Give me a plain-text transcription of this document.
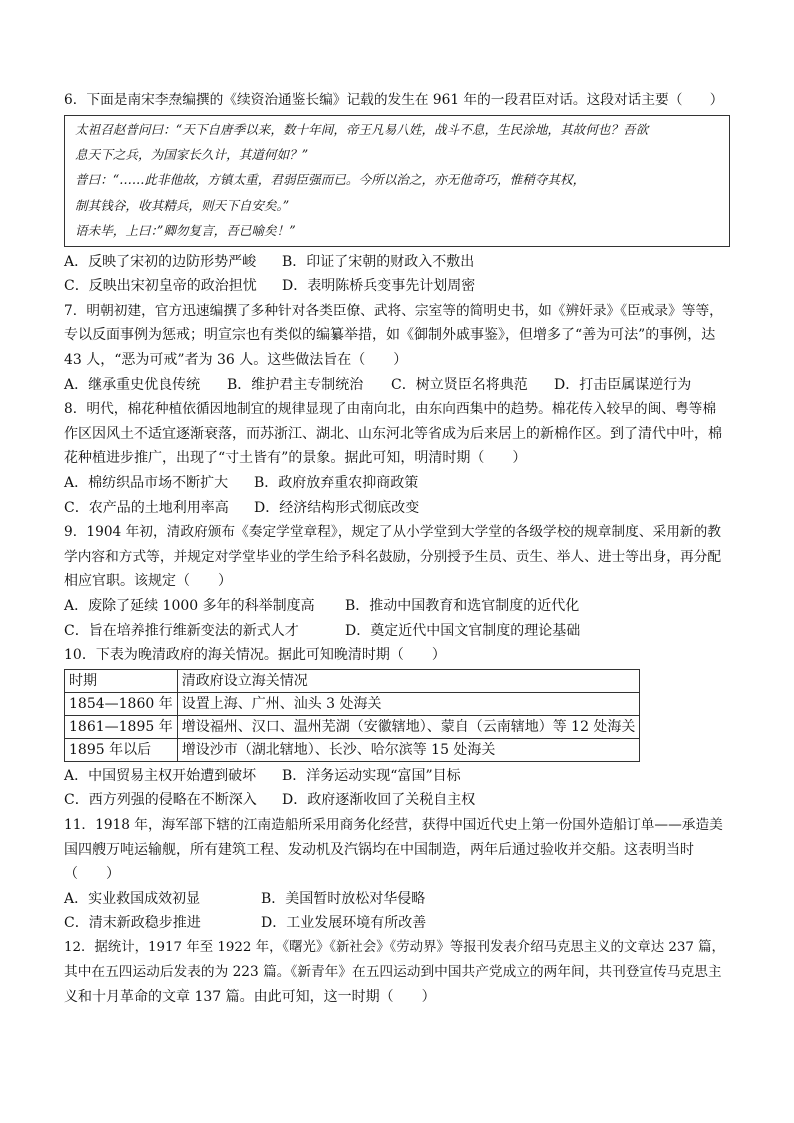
6．下面是南宋李焘编撰的《续资治通鉴长编》记载的发生在 961 年的一段君臣对话。这段对话主要（　　）
太祖召赵普问曰：“天下自唐季以来，数十年间，帝王凡易八姓，战斗不息，生民涂地，其故何也？吾欲
息天下之兵，为国家长久计，其道何如？”
普曰：“……此非他故，方镇太重，君弱臣强而已。今所以治之，亦无他奇巧，惟稍夺其权，
制其钱谷，收其精兵，则天下自安矣。”
语未毕，上曰：”卿勿复言，吾已喻矣！”
A．反映了宋初的边防形势严峻	B．印证了宋朝的财政入不敷出
C．反映出宋初皇帝的政治担忧	D．表明陈桥兵变事先计划周密
7．明朝初建，官方迅速编撰了多种针对各类臣僚、武将、宗室等的简明史书，如《辨奸录》《臣戒录》等等，
专以反面事例为惩戒；明宣宗也有类似的编纂举措，如《御制外戚事鉴》，但增多了“善为可法”的事例，达
43 人，“恶为可戒”者为 36 人。这些做法旨在（　　）
A．继承重史优良传统	B．维护君主专制统治	C．树立贤臣名将典范	D．打击臣属谋逆行为
8．明代，棉花种植依循因地制宜的规律显现了由南向北，由东向西集中的趋势。棉花传入较早的闽、粤等棉
作区因风土不适宜逐渐衰落，而苏浙江、湖北、山东河北等省成为后来居上的新棉作区。到了清代中叶，棉
花种植进步推广，出现了“寸土皆有”的景象。据此可知，明清时期（　　）
A．棉纺织品市场不断扩大	B．政府放弃重农抑商政策
C．农产品的土地利用率高	D．经济结构形式彻底改变
9．1904 年初，清政府颁布《奏定学堂章程》，规定了从小学堂到大学堂的各级学校的规章制度、采用新的教
学内容和方式等，并规定对学堂毕业的学生给予科名鼓励，分别授予生员、贡生、举人、进士等出身，再分配
相应官职。该规定（　　）
A．废除了延续 1000 多年的科举制度高	B．推动中国教育和选官制度的近代化
C．旨在培养推行维新变法的新式人才	D．奠定近代中国文官制度的理论基础
10．下表为晚清政府的海关情况。据此可知晚清时期（　　）
时期	清政府设立海关情况
1854—1860 年	设置上海、广州、汕头 3 处海关
1861—1895 年	增设福州、汉口、温州芜湖（安徽辖地）、蒙自（云南辖地）等 12 处海关
1895 年以后	增设沙市（湖北辖地）、长沙、哈尔滨等 15 处海关
A．中国贸易主权开始遭到破坏	B．洋务运动实现“富国”目标
C．西方列强的侵略在不断深入	D．政府逐渐收回了关税自主权
11．1918 年，海军部下辖的江南造船所采用商务化经营，获得中国近代史上第一份国外造船订单——承造美
国四艘万吨运输舰，所有建筑工程、发动机及汽锅均在中国制造，两年后通过验收并交船。这表明当时
（　　）
A．实业救国成效初显	B．美国暂时放松对华侵略
C．清末新政稳步推进	D．工业发展环境有所改善
12．据统计，1917 年至 1922 年，《曙光》《新社会》《劳动界》等报刊发表介绍马克思主义的文章达 237 篇，
其中在五四运动后发表的为 223 篇。《新青年》在五四运动到中国共产党成立的两年间，共刊登宣传马克思主
义和十月革命的文章 137 篇。由此可知，这一时期（　　）
